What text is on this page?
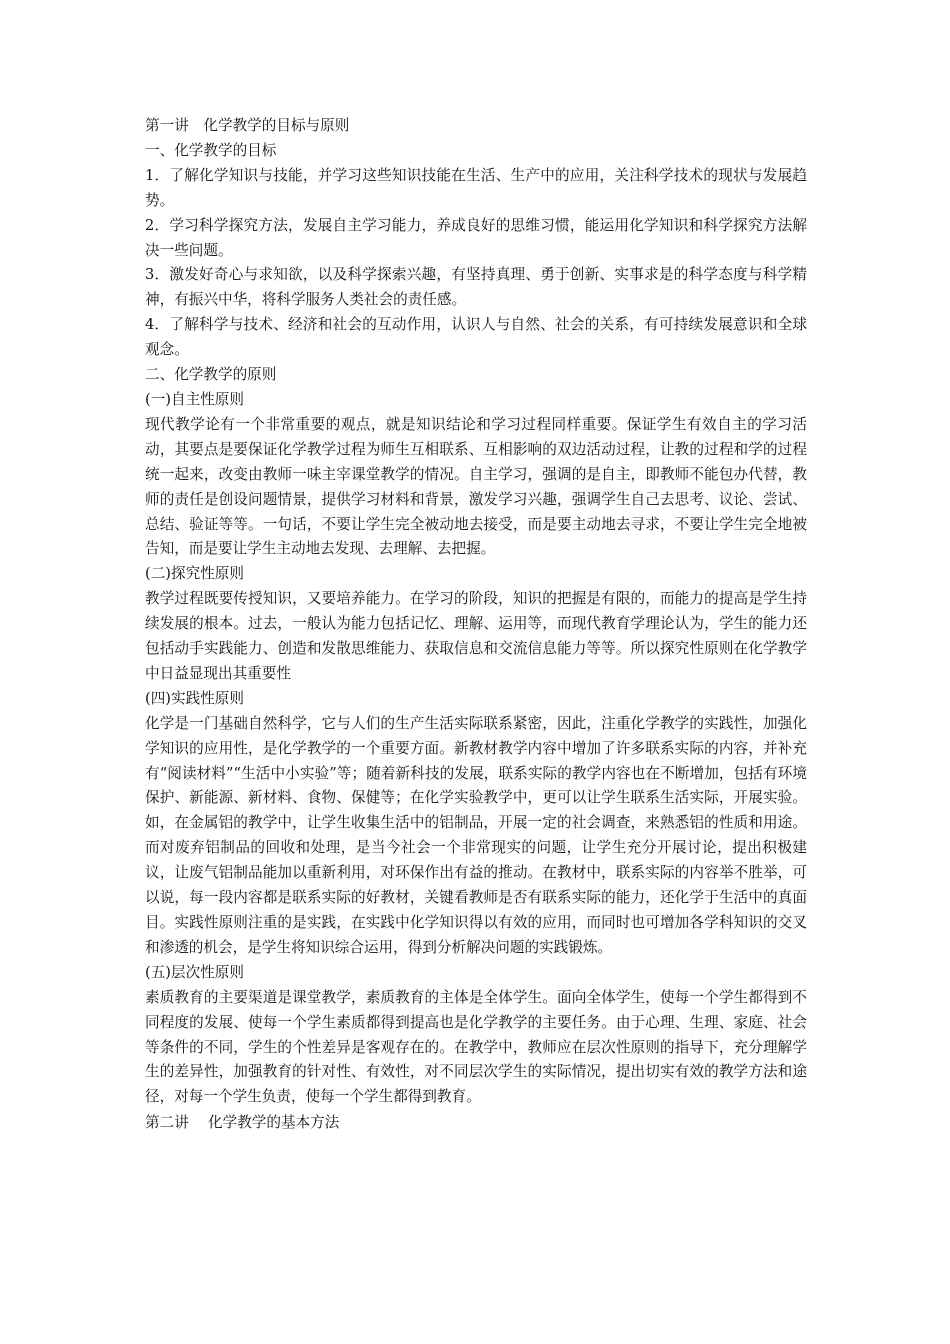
第一讲　化学教学的目标与原则

一、化学教学的目标

1．了解化学知识与技能，并学习这些知识技能在生活、生产中的应用，关注科学技术的现状与发展趋势。

2．学习科学探究方法，发展自主学习能力，养成良好的思维习惯，能运用化学知识和科学探究方法解决一些问题。

3．激发好奇心与求知欲，以及科学探索兴趣，有坚持真理、勇于创新、实事求是的科学态度与科学精神，有振兴中华，将科学服务人类社会的责任感。

4．了解科学与技术、经济和社会的互动作用，认识人与自然、社会的关系，有可持续发展意识和全球观念。

二、化学教学的原则

(一)自主性原则

现代教学论有一个非常重要的观点，就是知识结论和学习过程同样重要。保证学生有效自主的学习活动，其要点是要保证化学教学过程为师生互相联系、互相影响的双边活动过程，让教的过程和学的过程统一起来，改变由教师一味主宰课堂教学的情况。自主学习，强调的是自主，即教师不能包办代替，教师的责任是创设问题情景，提供学习材料和背景，激发学习兴趣，强调学生自己去思考、议论、尝试、总结、验证等等。一句话，不要让学生完全被动地去接受，而是要主动地去寻求，不要让学生完全地被告知，而是要让学生主动地去发现、去理解、去把握。

(二)探究性原则

教学过程既要传授知识，又要培养能力。在学习的阶段，知识的把握是有限的，而能力的提高是学生持续发展的根本。过去，一般认为能力包括记忆、理解、运用等，而现代教育学理论认为，学生的能力还包括动手实践能力、创造和发散思维能力、获取信息和交流信息能力等等。所以探究性原则在化学教学中日益显现出其重要性

(四)实践性原则

化学是一门基础自然科学，它与人们的生产生活实际联系紧密，因此，注重化学教学的实践性，加强化学知识的应用性，是化学教学的一个重要方面。新教材教学内容中增加了许多联系实际的内容，并补充有“阅读材料”“生活中小实验”等；随着新科技的发展，联系实际的教学内容也在不断增加，包括有环境保护、新能源、新材料、食物、保健等；在化学实验教学中，更可以让学生联系生活实际，开展实验。如，在金属铝的教学中，让学生收集生活中的铝制品，开展一定的社会调查，来熟悉铝的性质和用途。而对废弃铝制品的回收和处理，是当今社会一个非常现实的问题，让学生充分开展讨论，提出积极建议，让废气铝制品能加以重新利用，对环保作出有益的推动。在教材中，联系实际的内容举不胜举，可以说，每一段内容都是联系实际的好教材，关键看教师是否有联系实际的能力，还化学于生活中的真面目。实践性原则注重的是实践，在实践中化学知识得以有效的应用，而同时也可增加各学科知识的交叉和渗透的机会，是学生将知识综合运用，得到分析解决问题的实践锻炼。

(五)层次性原则

素质教育的主要渠道是课堂教学，素质教育的主体是全体学生。面向全体学生，使每一个学生都得到不同程度的发展、使每一个学生素质都得到提高也是化学教学的主要任务。由于心理、生理、家庭、社会等条件的不同，学生的个性差异是客观存在的。在教学中，教师应在层次性原则的指导下，充分理解学生的差异性，加强教育的针对性、有效性，对不同层次学生的实际情况，提出切实有效的教学方法和途径，对每一个学生负责，使每一个学生都得到教育。

第二讲　 化学教学的基本方法
